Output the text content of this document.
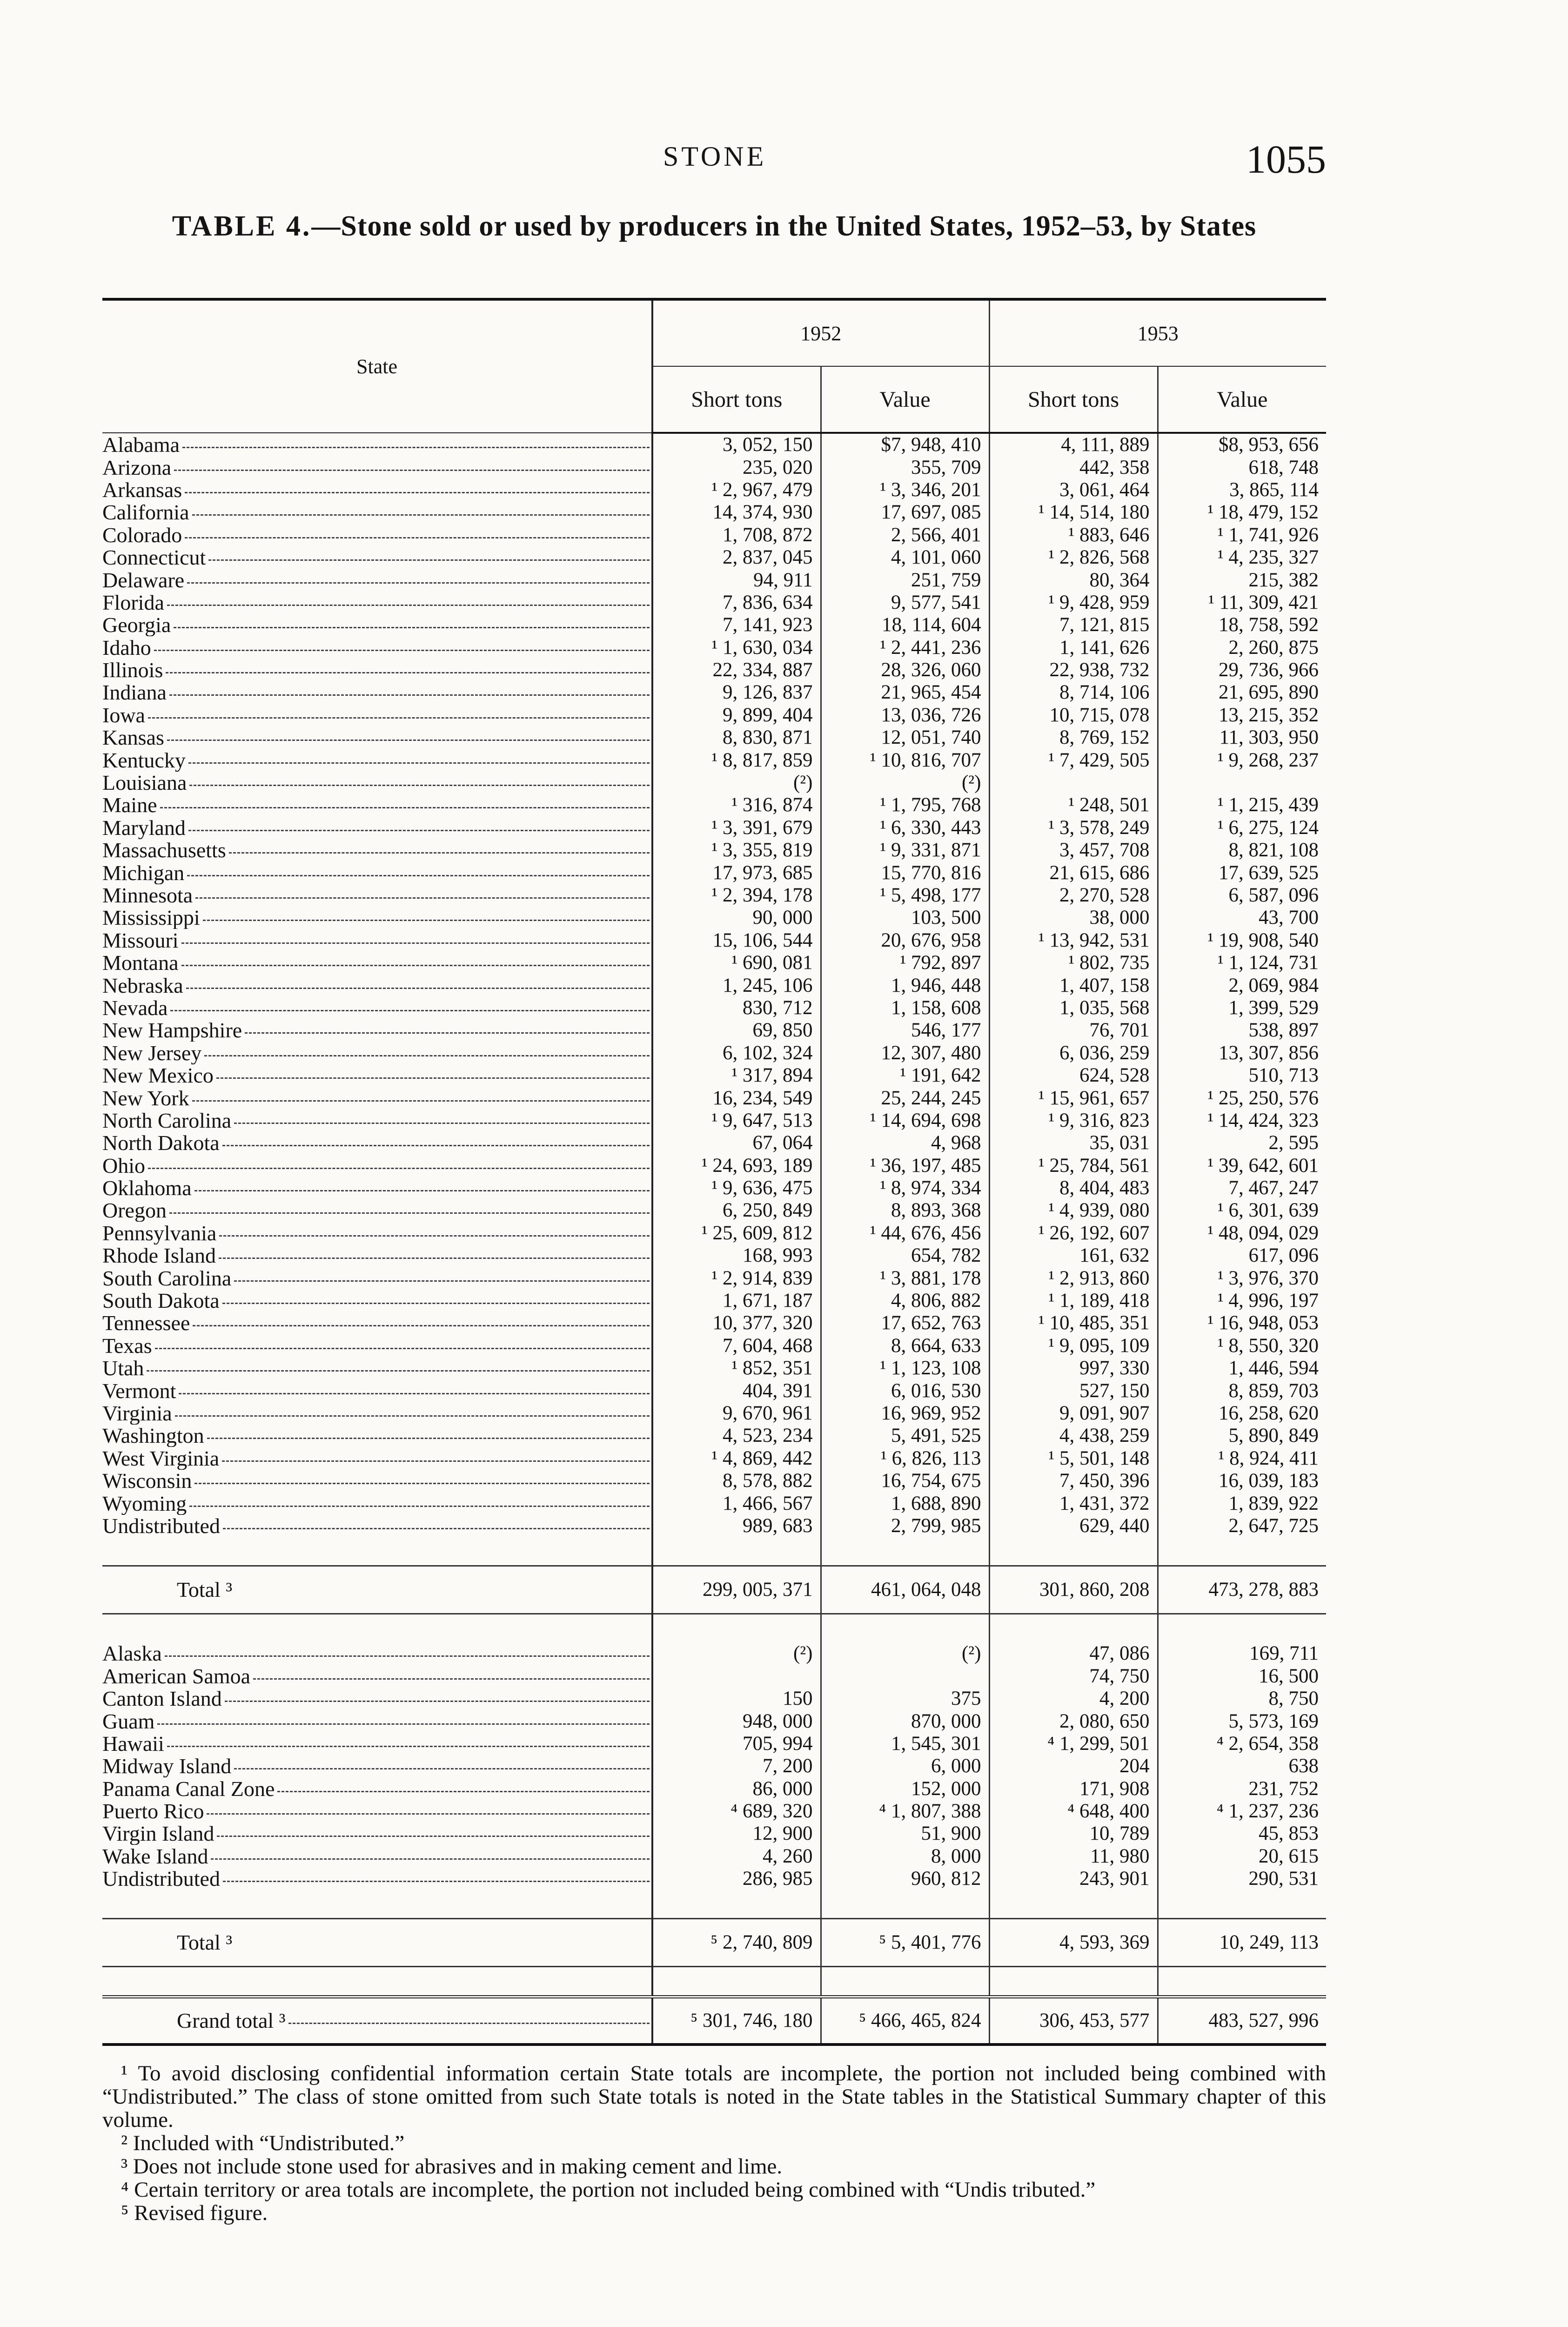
STONE	1055
TABLE 4.—Stone sold or used by producers in the United States, 1952–53, by States
State	1952		1953	
	Short tons	Value	Short tons	Value

Alabama	3, 052, 150	$7, 948, 410	4, 111, 889	$8, 953, 656

Arizona	235, 020	355, 709	442, 358	618, 748

Arkansas	¹ 2, 967, 479	¹ 3, 346, 201	3, 061, 464	3, 865, 114

California	14, 374, 930	17, 697, 085	¹ 14, 514, 180	¹ 18, 479, 152

Colorado	1, 708, 872	2, 566, 401	¹ 883, 646	¹ 1, 741, 926

Connecticut	2, 837, 045	4, 101, 060	¹ 2, 826, 568	¹ 4, 235, 327

Delaware	94, 911	251, 759	80, 364	215, 382

Florida	7, 836, 634	9, 577, 541	¹ 9, 428, 959	¹ 11, 309, 421

Georgia	7, 141, 923	18, 114, 604	7, 121, 815	18, 758, 592

Idaho	¹ 1, 630, 034	¹ 2, 441, 236	1, 141, 626	2, 260, 875

Illinois	22, 334, 887	28, 326, 060	22, 938, 732	29, 736, 966

Indiana	9, 126, 837	21, 965, 454	8, 714, 106	21, 695, 890

Iowa	9, 899, 404	13, 036, 726	10, 715, 078	13, 215, 352

Kansas	8, 830, 871	12, 051, 740	8, 769, 152	11, 303, 950

Kentucky	¹ 8, 817, 859	¹ 10, 816, 707	¹ 7, 429, 505	¹ 9, 268, 237

Louisiana	(²)	(²)		

Maine	¹ 316, 874	¹ 1, 795, 768	¹ 248, 501	¹ 1, 215, 439

Maryland	¹ 3, 391, 679	¹ 6, 330, 443	¹ 3, 578, 249	¹ 6, 275, 124

Massachusetts	¹ 3, 355, 819	¹ 9, 331, 871	3, 457, 708	8, 821, 108

Michigan	17, 973, 685	15, 770, 816	21, 615, 686	17, 639, 525

Minnesota	¹ 2, 394, 178	¹ 5, 498, 177	2, 270, 528	6, 587, 096

Mississippi	90, 000	103, 500	38, 000	43, 700

Missouri	15, 106, 544	20, 676, 958	¹ 13, 942, 531	¹ 19, 908, 540

Montana	¹ 690, 081	¹ 792, 897	¹ 802, 735	¹ 1, 124, 731

Nebraska	1, 245, 106	1, 946, 448	1, 407, 158	2, 069, 984

Nevada	830, 712	1, 158, 608	1, 035, 568	1, 399, 529

New Hampshire	69, 850	546, 177	76, 701	538, 897

New Jersey	6, 102, 324	12, 307, 480	6, 036, 259	13, 307, 856

New Mexico	¹ 317, 894	¹ 191, 642	624, 528	510, 713

New York	16, 234, 549	25, 244, 245	¹ 15, 961, 657	¹ 25, 250, 576

North Carolina	¹ 9, 647, 513	¹ 14, 694, 698	¹ 9, 316, 823	¹ 14, 424, 323

North Dakota	67, 064	4, 968	35, 031	2, 595

Ohio	¹ 24, 693, 189	¹ 36, 197, 485	¹ 25, 784, 561	¹ 39, 642, 601

Oklahoma	¹ 9, 636, 475	¹ 8, 974, 334	8, 404, 483	7, 467, 247

Oregon	6, 250, 849	8, 893, 368	¹ 4, 939, 080	¹ 6, 301, 639

Pennsylvania	¹ 25, 609, 812	¹ 44, 676, 456	¹ 26, 192, 607	¹ 48, 094, 029

Rhode Island	168, 993	654, 782	161, 632	617, 096

South Carolina	¹ 2, 914, 839	¹ 3, 881, 178	¹ 2, 913, 860	¹ 3, 976, 370

South Dakota	1, 671, 187	4, 806, 882	¹ 1, 189, 418	¹ 4, 996, 197

Tennessee	10, 377, 320	17, 652, 763	¹ 10, 485, 351	¹ 16, 948, 053

Texas	7, 604, 468	8, 664, 633	¹ 9, 095, 109	¹ 8, 550, 320

Utah	¹ 852, 351	¹ 1, 123, 108	997, 330	1, 446, 594

Vermont	404, 391	6, 016, 530	527, 150	8, 859, 703

Virginia	9, 670, 961	16, 969, 952	9, 091, 907	16, 258, 620

Washington	4, 523, 234	5, 491, 525	4, 438, 259	5, 890, 849

West Virginia	¹ 4, 869, 442	¹ 6, 826, 113	¹ 5, 501, 148	¹ 8, 924, 411

Wisconsin	8, 578, 882	16, 754, 675	7, 450, 396	16, 039, 183

Wyoming	1, 466, 567	1, 688, 890	1, 431, 372	1, 839, 922

Undistributed	989, 683	2, 799, 985	629, 440	2, 647, 725

Total ³	299, 005, 371	461, 064, 048	301, 860, 208	473, 278, 883

Alaska	(²)	(²)	47, 086	169, 711

American Samoa			74, 750	16, 500

Canton Island	150	375	4, 200	8, 750

Guam	948, 000	870, 000	2, 080, 650	5, 573, 169

Hawaii	705, 994	1, 545, 301	⁴ 1, 299, 501	⁴ 2, 654, 358

Midway Island	7, 200	6, 000	204	638

Panama Canal Zone	86, 000	152, 000	171, 908	231, 752

Puerto Rico	⁴ 689, 320	⁴ 1, 807, 388	⁴ 648, 400	⁴ 1, 237, 236

Virgin Island	12, 900	51, 900	10, 789	45, 853

Wake Island	4, 260	8, 000	11, 980	20, 615

Undistributed	286, 985	960, 812	243, 901	290, 531

Total ³	⁵ 2, 740, 809	⁵ 5, 401, 776	4, 593, 369	10, 249, 113

Grand total ³	⁵ 301, 746, 180	⁵ 466, 465, 824	306, 453, 577	483, 527, 996

¹ To avoid disclosing confidential information certain State totals are incomplete, the portion not included being combined with “Undistributed.” The class of stone omitted from such State totals is noted in the State tables in the Statistical Summary chapter of this volume.

² Included with “Undistributed.”

³ Does not include stone used for abrasives and in making cement and lime.

⁴ Certain territory or area totals are incomplete, the portion not included being combined with “Undis tributed.”

⁵ Revised figure.
